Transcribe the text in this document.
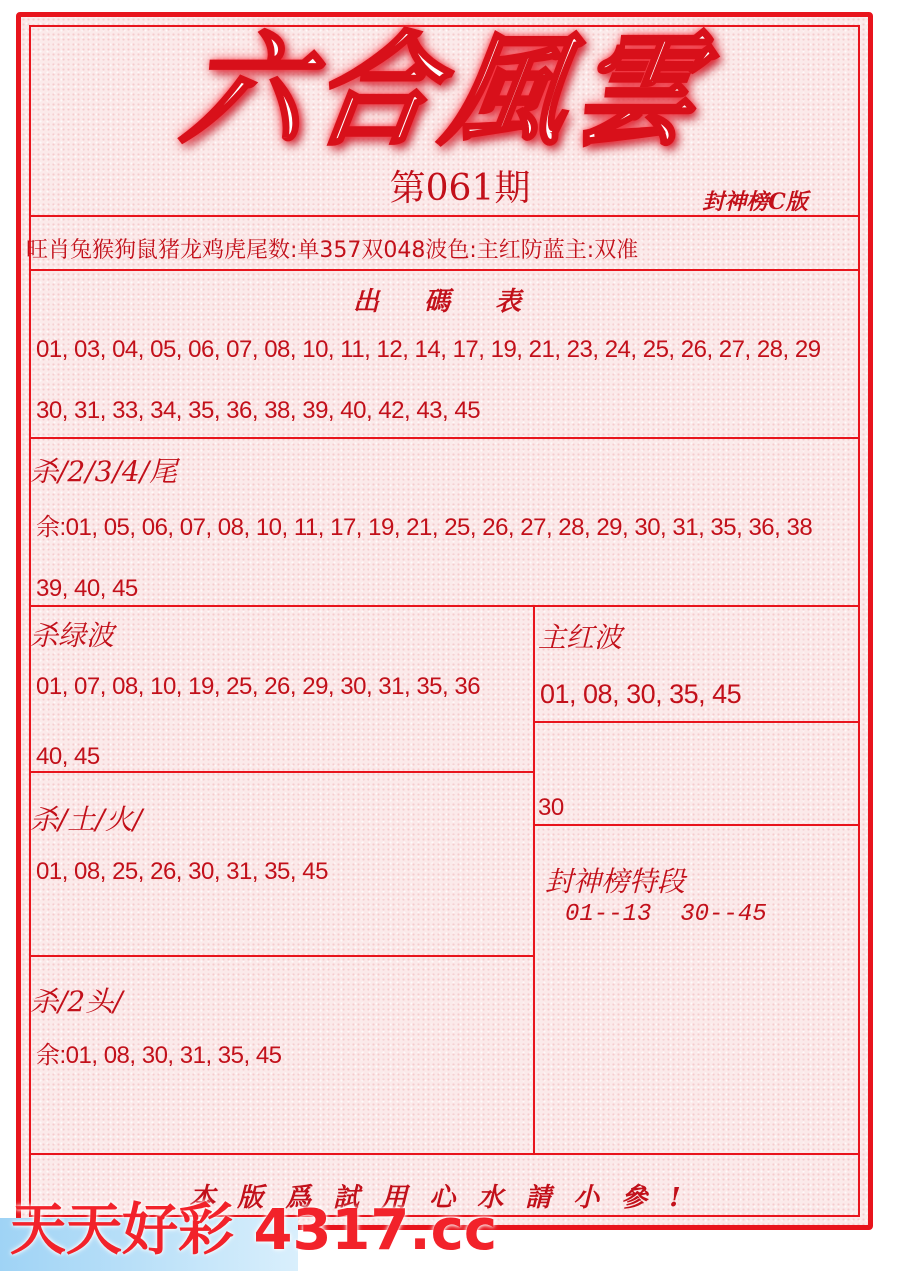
六合風雲
第061期	封神榜C版
旺肖兔猴狗鼠猪龙鸡虎尾数:单357双048波色:主红防蓝主:双准
出 碼 表
01, 03, 04, 05, 06, 07, 08, 10, 11, 12, 14, 17, 19, 21, 23, 24, 25, 26, 27, 28, 29
30, 31, 33, 34, 35, 36, 38, 39, 40, 42, 43, 45
杀/2/3/4/尾
余:01, 05, 06, 07, 08, 10, 11, 17, 19, 21, 25, 26, 27, 28, 29, 30, 31, 35, 36, 38
39, 40, 45
杀绿波
01, 07, 08, 10, 19, 25, 26, 29, 30, 31, 35, 36
40, 45
主红波
01, 08, 30, 35, 45
30
杀/土/火/
01, 08, 25, 26, 30, 31, 35, 45	封神榜特段
01--13  30--45
杀/2头/
余:01, 08, 30, 31, 35, 45
本版爲試用心水請小參!
天天好彩 4317.cc
